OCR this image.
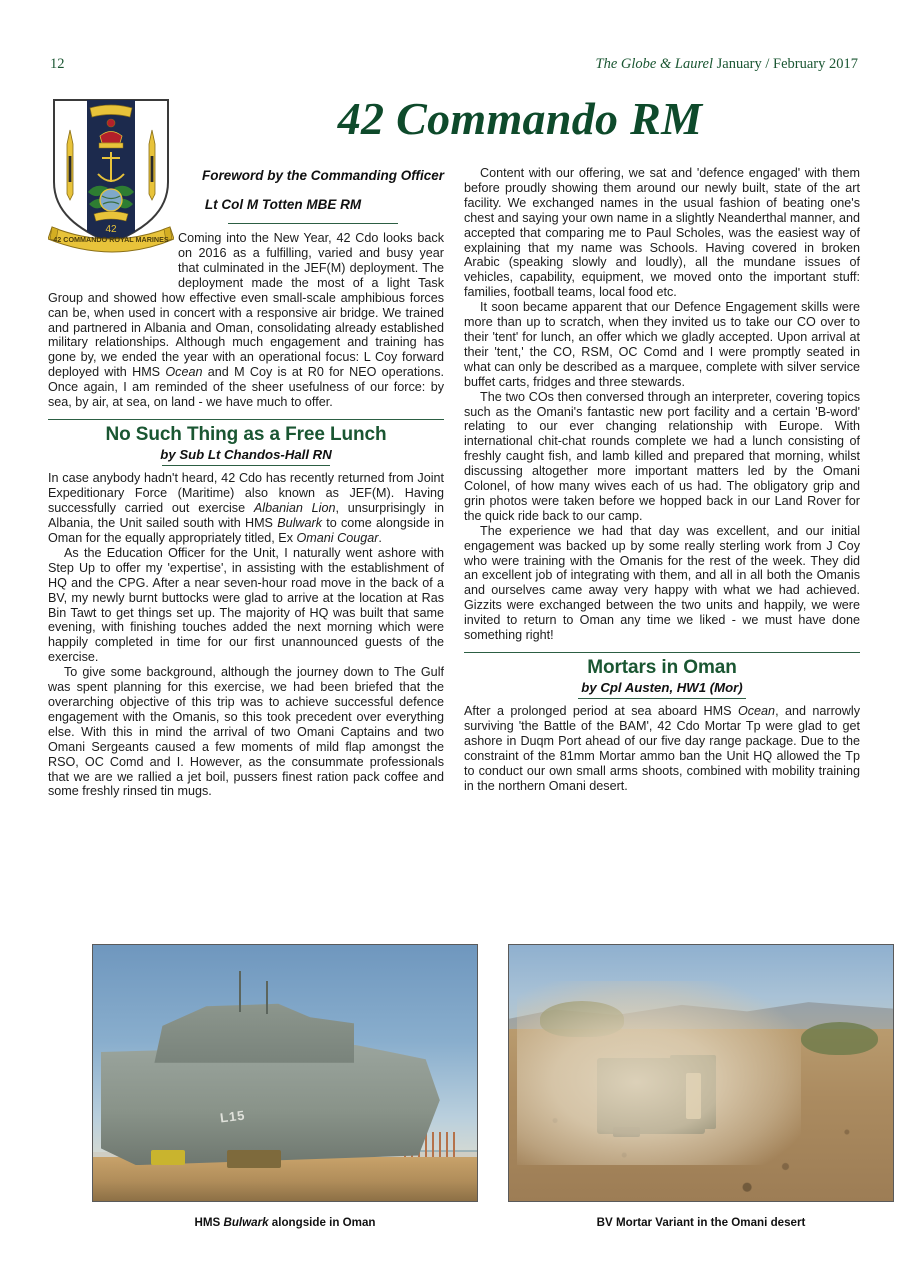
12	The Globe & Laurel January / February 2017
42
42 COMMANDO ROYAL MARINES
42 Commando RM
Foreword by the Commanding Officer
Lt Col M Totten MBE RM

Coming into the New Year, 42 Cdo looks back on 2016 as a fulfilling, varied and busy year that culminated in the JEF(M) deployment. The deployment made the most of a light Task Group and showed how effective even small-scale amphibious forces can be, when used in concert with a responsive air bridge. We trained and partnered in Albania and Oman, consolidating already established military relationships. Although much engagement and training has gone by, we ended the year with an operational focus: L Coy forward deployed with HMS Ocean and M Coy is at R0 for NEO operations. Once again, I am reminded of the sheer usefulness of our force: by sea, by air, at sea, on land - we have much to offer.

No Such Thing as a Free Lunch
by Sub Lt Chandos-Hall RN

In case anybody hadn't heard, 42 Cdo has recently returned from Joint Expeditionary Force (Maritime) also known as JEF(M). Having successfully carried out exercise Albanian Lion, unsurprisingly in Albania, the Unit sailed south with HMS Bulwark to come alongside in Oman for the equally appropriately titled, Ex Omani Cougar.

As the Education Officer for the Unit, I naturally went ashore with Step Up to offer my 'expertise', in assisting with the establishment of HQ and the CPG. After a near seven-hour road move in the back of a BV, my newly burnt buttocks were glad to arrive at the location at Ras Bin Tawt to get things set up. The majority of HQ was built that same evening, with finishing touches added the next morning which were happily completed in time for our first unannounced guests of the exercise.

To give some background, although the journey down to The Gulf was spent planning for this exercise, we had been briefed that the overarching objective of this trip was to achieve successful defence engagement with the Omanis, so this took precedent over everything else. With this in mind the arrival of two Omani Captains and two Omani Sergeants caused a few moments of mild flap amongst the RSO, OC Comd and I. However, as the consummate professionals that we are we rallied a jet boil, pussers finest ration pack coffee and some freshly rinsed tin mugs.

Content with our offering, we sat and 'defence engaged' with them before proudly showing them around our newly built, state of the art facility. We exchanged names in the usual fashion of beating one's chest and saying your own name in a slightly Neanderthal manner, and accepted that comparing me to Paul Scholes, was the easiest way of explaining that my name was Schools. Having covered in broken Arabic (speaking slowly and loudly), all the mundane issues of vehicles, capability, equipment, we moved onto the important stuff: families, football teams, local food etc.

It soon became apparent that our Defence Engagement skills were more than up to scratch, when they invited us to take our CO over to their 'tent' for lunch, an offer which we gladly accepted. Upon arrival at their 'tent,' the CO, RSM, OC Comd and I were promptly seated in what can only be described as a marquee, complete with silver service buffet carts, fridges and three stewards.

The two COs then conversed through an interpreter, covering topics such as the Omani's fantastic new port facility and a certain 'B-word' relating to our ever changing relationship with Europe. With international chit-chat rounds complete we had a lunch consisting of freshly caught fish, and lamb killed and prepared that morning, whilst discussing altogether more important matters led by the Omani Colonel, of how many wives each of us had. The obligatory grip and grin photos were taken before we hopped back in our Land Rover for the quick ride back to our camp.

The experience we had that day was excellent, and our initial engagement was backed up by some really sterling work from J Coy who were training with the Omanis for the rest of the week. They did an excellent job of integrating with them, and all in all both the Omanis and ourselves came away very happy with what we had achieved. Gizzits were exchanged between the two units and happily, we were invited to return to Oman any time we liked - we must have done something right!

Mortars in Oman
by Cpl Austen, HW1 (Mor)

After a prolonged period at sea aboard HMS Ocean, and narrowly surviving 'the Battle of the BAM', 42 Cdo Mortar Tp were glad to get ashore in Duqm Port ahead of our five day range package. Due to the constraint of the 81mm Mortar ammo ban the Unit HQ allowed the Tp to conduct our own small arms shoots, combined with mobility training in the northern Omani desert.

L15
HMS Bulwark alongside in Oman	BV Mortar Variant in the Omani desert
